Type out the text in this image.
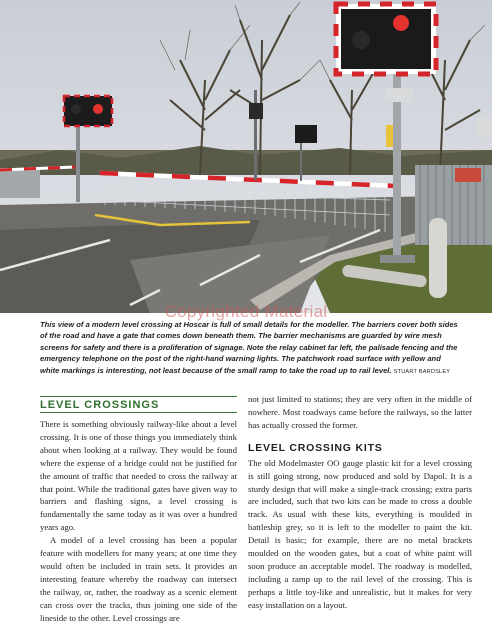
Copyrighted Material
This view of a modern level crossing at Hoscar is full of small details for the modeller. The barriers cover both sides of the road and have a gate that comes down beneath them. The barrier mechanisms are guarded by wire mesh screens for safety and there is a proliferation of signage. Note the relay cabinet far left, the palisade fencing and the emergency telephone on the post of the right-hand warning lights. The patchwork road surface with yellow and white markings is interesting, not least because of the small ramp to take the road up to rail level. STUART BARDSLEY
LEVEL CROSSINGS

There is something obviously railway-like about a level crossing. It is one of those things you immediately think about when looking at a railway. They would be found where the expense of a bridge could not be justified for the amount of traffic that needed to cross the railway at that point. While the traditional gates have given way to barriers and flashing signs, a level crossing is fundamentally the same today as it was over a hundred years ago.

A model of a level crossing has been a popular feature with modellers for many years; at one time they would often be included in train sets. It provides an interesting feature whereby the roadway can intersect the railway, or, rather, the roadway as a scenic element can cross over the tracks, thus joining one side of the lineside to the other. Level crossings are

not just limited to stations; they are very often in the middle of nowhere. Most roadways came before the railways, so the latter has actually crossed the former.

LEVEL CROSSING KITS

The old Modelmaster OO gauge plastic kit for a level crossing is still going strong, now produced and sold by Dapol. It is a sturdy design that will make a single-track crossing; extra parts are included, such that two kits can be made to cross a double track. As usual with these kits, everything is moulded in battleship grey, so it is left to the modeller to paint the kit. Detail is basic; for example, there are no metal brackets moulded on the wooden gates, but a coat of white paint will soon produce an acceptable model. The roadway is modelled, including a ramp up to the rail level of the crossing. This is perhaps a little toy-like and unrealistic, but it makes for very easy installation on a layout.
